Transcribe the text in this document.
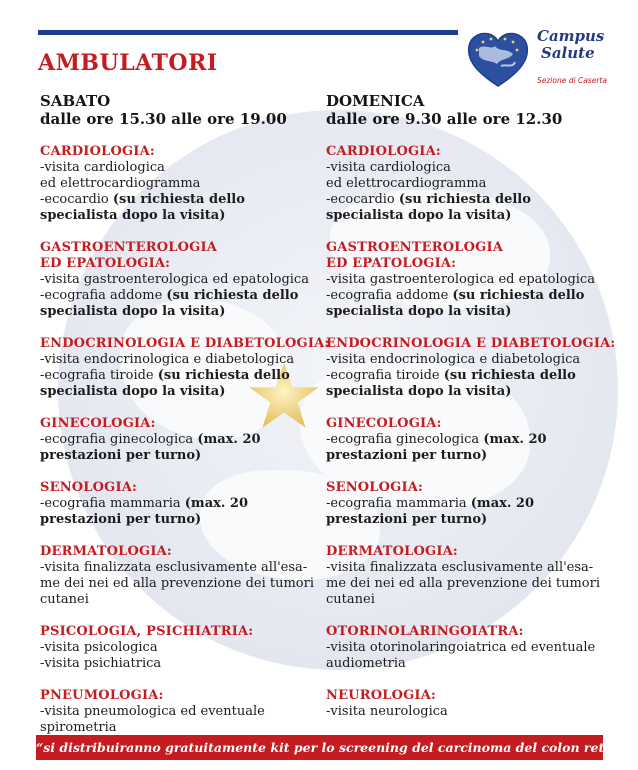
AMBULATORI
Campus
Salute
Sezione di Caserta
SABATO
dalle ore 15.30 alle ore 19.00
CARDIOLOGIA:
-visita cardiologica
ed elettrocardiogramma
-ecocardio (su richiesta dello
specialista dopo la visita)
GASTROENTEROLOGIA
ED EPATOLOGIA:
-visita gastroenterologica ed epatologica
-ecografia addome (su richiesta dello
specialista dopo la visita)
ENDOCRINOLOGIA E DIABETOLOGIA:
-visita endocrinologica e diabetologica
-ecografia tiroide (su richiesta dello
specialista dopo la visita)
GINECOLOGIA:
-ecografia ginecologica (max. 20
prestazioni per turno)
SENOLOGIA:
-ecografia mammaria (max. 20
prestazioni per turno)
DERMATOLOGIA:
-visita finalizzata esclusivamente all'esa-
me dei nei ed alla prevenzione dei tumori
cutanei
PSICOLOGIA, PSICHIATRIA:
-visita psicologica
-visita psichiatrica
PNEUMOLOGIA:
-visita pneumologica ed eventuale
spirometria
DOMENICA
dalle ore 9.30 alle ore 12.30
CARDIOLOGIA:
-visita cardiologica
ed elettrocardiogramma
-ecocardio (su richiesta dello
specialista dopo la visita)
GASTROENTEROLOGIA
ED EPATOLOGIA:
-visita gastroenterologica ed epatologica
-ecografia addome (su richiesta dello
specialista dopo la visita)
ENDOCRINOLOGIA E DIABETOLOGIA:
-visita endocrinologica e diabetologica
-ecografia tiroide (su richiesta dello
specialista dopo la visita)
GINECOLOGIA:
-ecografia ginecologica (max. 20
prestazioni per turno)
SENOLOGIA:
-ecografia mammaria (max. 20
prestazioni per turno)
DERMATOLOGIA:
-visita finalizzata esclusivamente all'esa-
me dei nei ed alla prevenzione dei tumori
cutanei
OTORINOLARINGOIATRA:
-visita otorinolaringoiatrica ed eventuale
audiometria
NEUROLOGIA:
-visita neurologica
“si distribuiranno gratuitamente kit per lo screening del carcinoma del colon retto”
